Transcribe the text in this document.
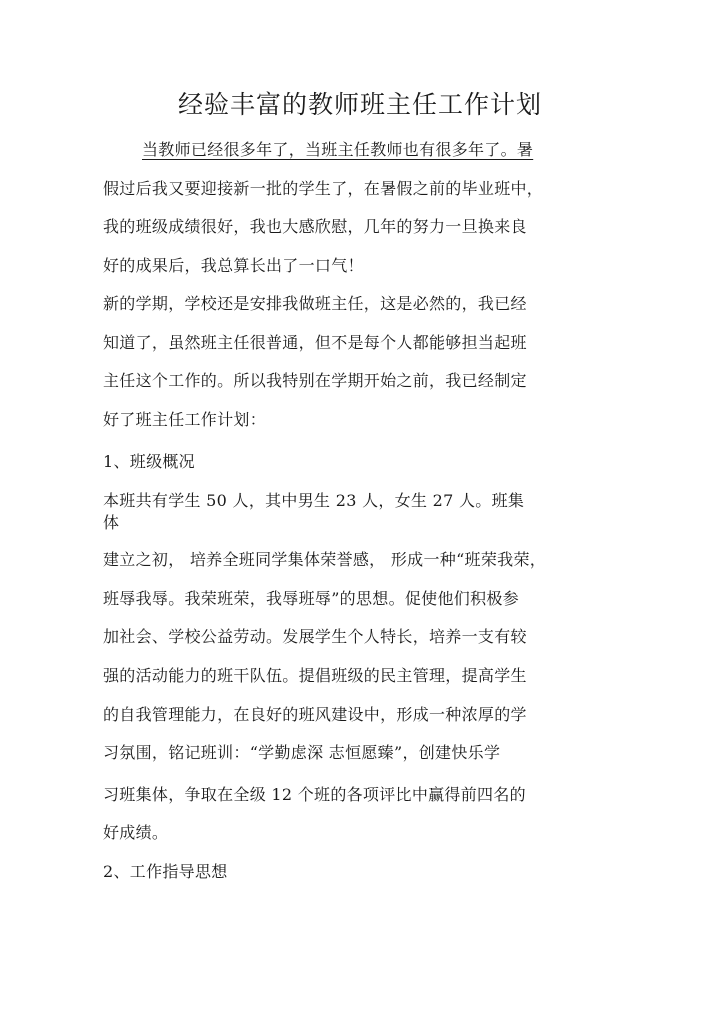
经验丰富的教师班主任工作计划
当教师已经很多年了，当班主任教师也有很多年了。暑
假过后我又要迎接新一批的学生了，在暑假之前的毕业班中，
我的班级成绩很好，我也大感欣慰，几年的努力一旦换来良
好的成果后，我总算长出了一口气！
新的学期，学校还是安排我做班主任，这是必然的，我已经
知道了，虽然班主任很普通，但不是每个人都能够担当起班
主任这个工作的。所以我特别在学期开始之前，我已经制定
好了班主任工作计划：
1、班级概况
本班共有学生 50 人，其中男生 23 人，女生 27 人。班集
体
建立之初， 培养全班同学集体荣誉感， 形成一种“班荣我荣，
班辱我辱。我荣班荣，我辱班辱”的思想。促使他们积极参
加社会、学校公益劳动。发展学生个人特长，培养一支有较
强的活动能力的班干队伍。提倡班级的民主管理，提高学生
的自我管理能力，在良好的班风建设中，形成一种浓厚的学
习氛围，铭记班训：“学勤虑深 志恒愿臻”，创建快乐学
习班集体，争取在全级 12 个班的各项评比中赢得前四名的
好成绩。
2、工作指导思想
